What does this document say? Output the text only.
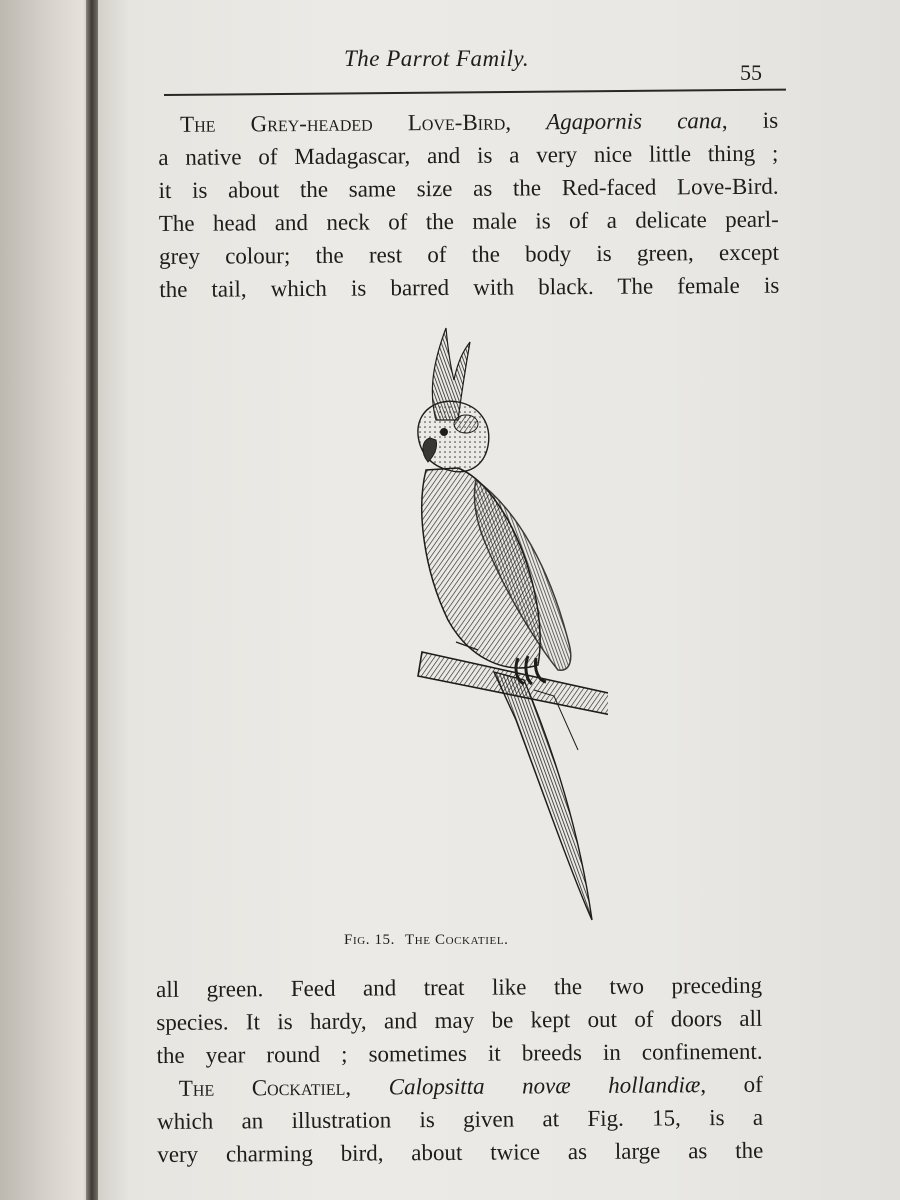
The Parrot Family.
55
The Grey-headed Love-Bird, Agapornis cana, is
a native of Madagascar, and is a very nice little thing ;
it is about the same size as the Red-faced Love-Bird.
The head and neck of the male is of a delicate pearl-
grey colour; the rest of the body is green, except
the tail, which is barred with black. The female is
Fig. 15. The Cockatiel.
all green. Feed and treat like the two preceding
species. It is hardy, and may be kept out of doors all
the year round ; sometimes it breeds in confinement.
The Cockatiel, Calopsitta novæ hollandiæ, of
which an illustration is given at Fig. 15, is a
very charming bird, about twice as large as the
